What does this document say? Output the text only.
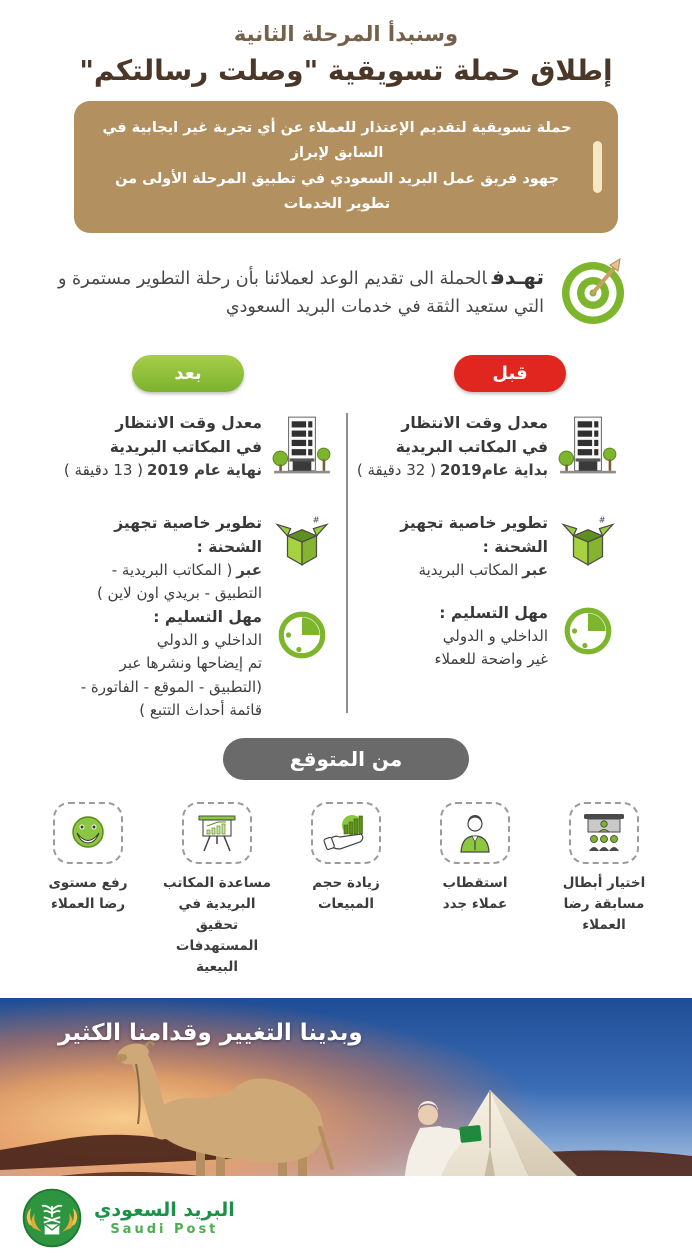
وسنبدأ المرحلة الثانية
إطلاق حملة تسويقية "وصلت رسالتكم"
حملة تسويقية لتقديم الإعتذار للعملاء عن أي تجربة غير ايجابية في السابق لإبراز
جهود فريق عمل البريد السعودي في تطبيق المرحلة الأولى من تطوير الخدمات
تهـدفالحملة الى تقديم الوعد لعملائنا بأن رحلة التطوير مستمرة و التي ستعيد الثقة في خدمات البريد السعودي
قبل
بعد
معدل وقت الانتظار
في المكاتب البريدية
بداية عام2019( 32 دقيقة )
#
تطوير خاصية تجهيز الشحنة :
عبرالمكاتب البريدية
مهل التسليم :
الداخلي و الدولي
غير واضحة للعملاء
معدل وقت الانتظار
في المكاتب البريدية
نهاية عام 2019( 13 دقيقة )
#
تطوير خاصية تجهيز الشحنة :
عبر( المكاتب البريدية -
التطبيق - بريدي اون لاين )
مهل التسليم :
الداخلي و الدولي
تم إيضاحها ونشرها عبر
(التطبيق - الموقع - الفاتورة -
قائمة أحداث التتبع )
من المتوقع
اختيار أبطال
مسابقة رضا العملاء
استقطاب
عملاء جدد
زيادة حجم
المبيعات
مساعدة المكاتب البريدية في
تحقيق المستهدفات البيعية
رفع مستوى
رضا العملاء
وبدينا التغيير وقدامنا الكثير
البريد السعودي
Saudi Post
